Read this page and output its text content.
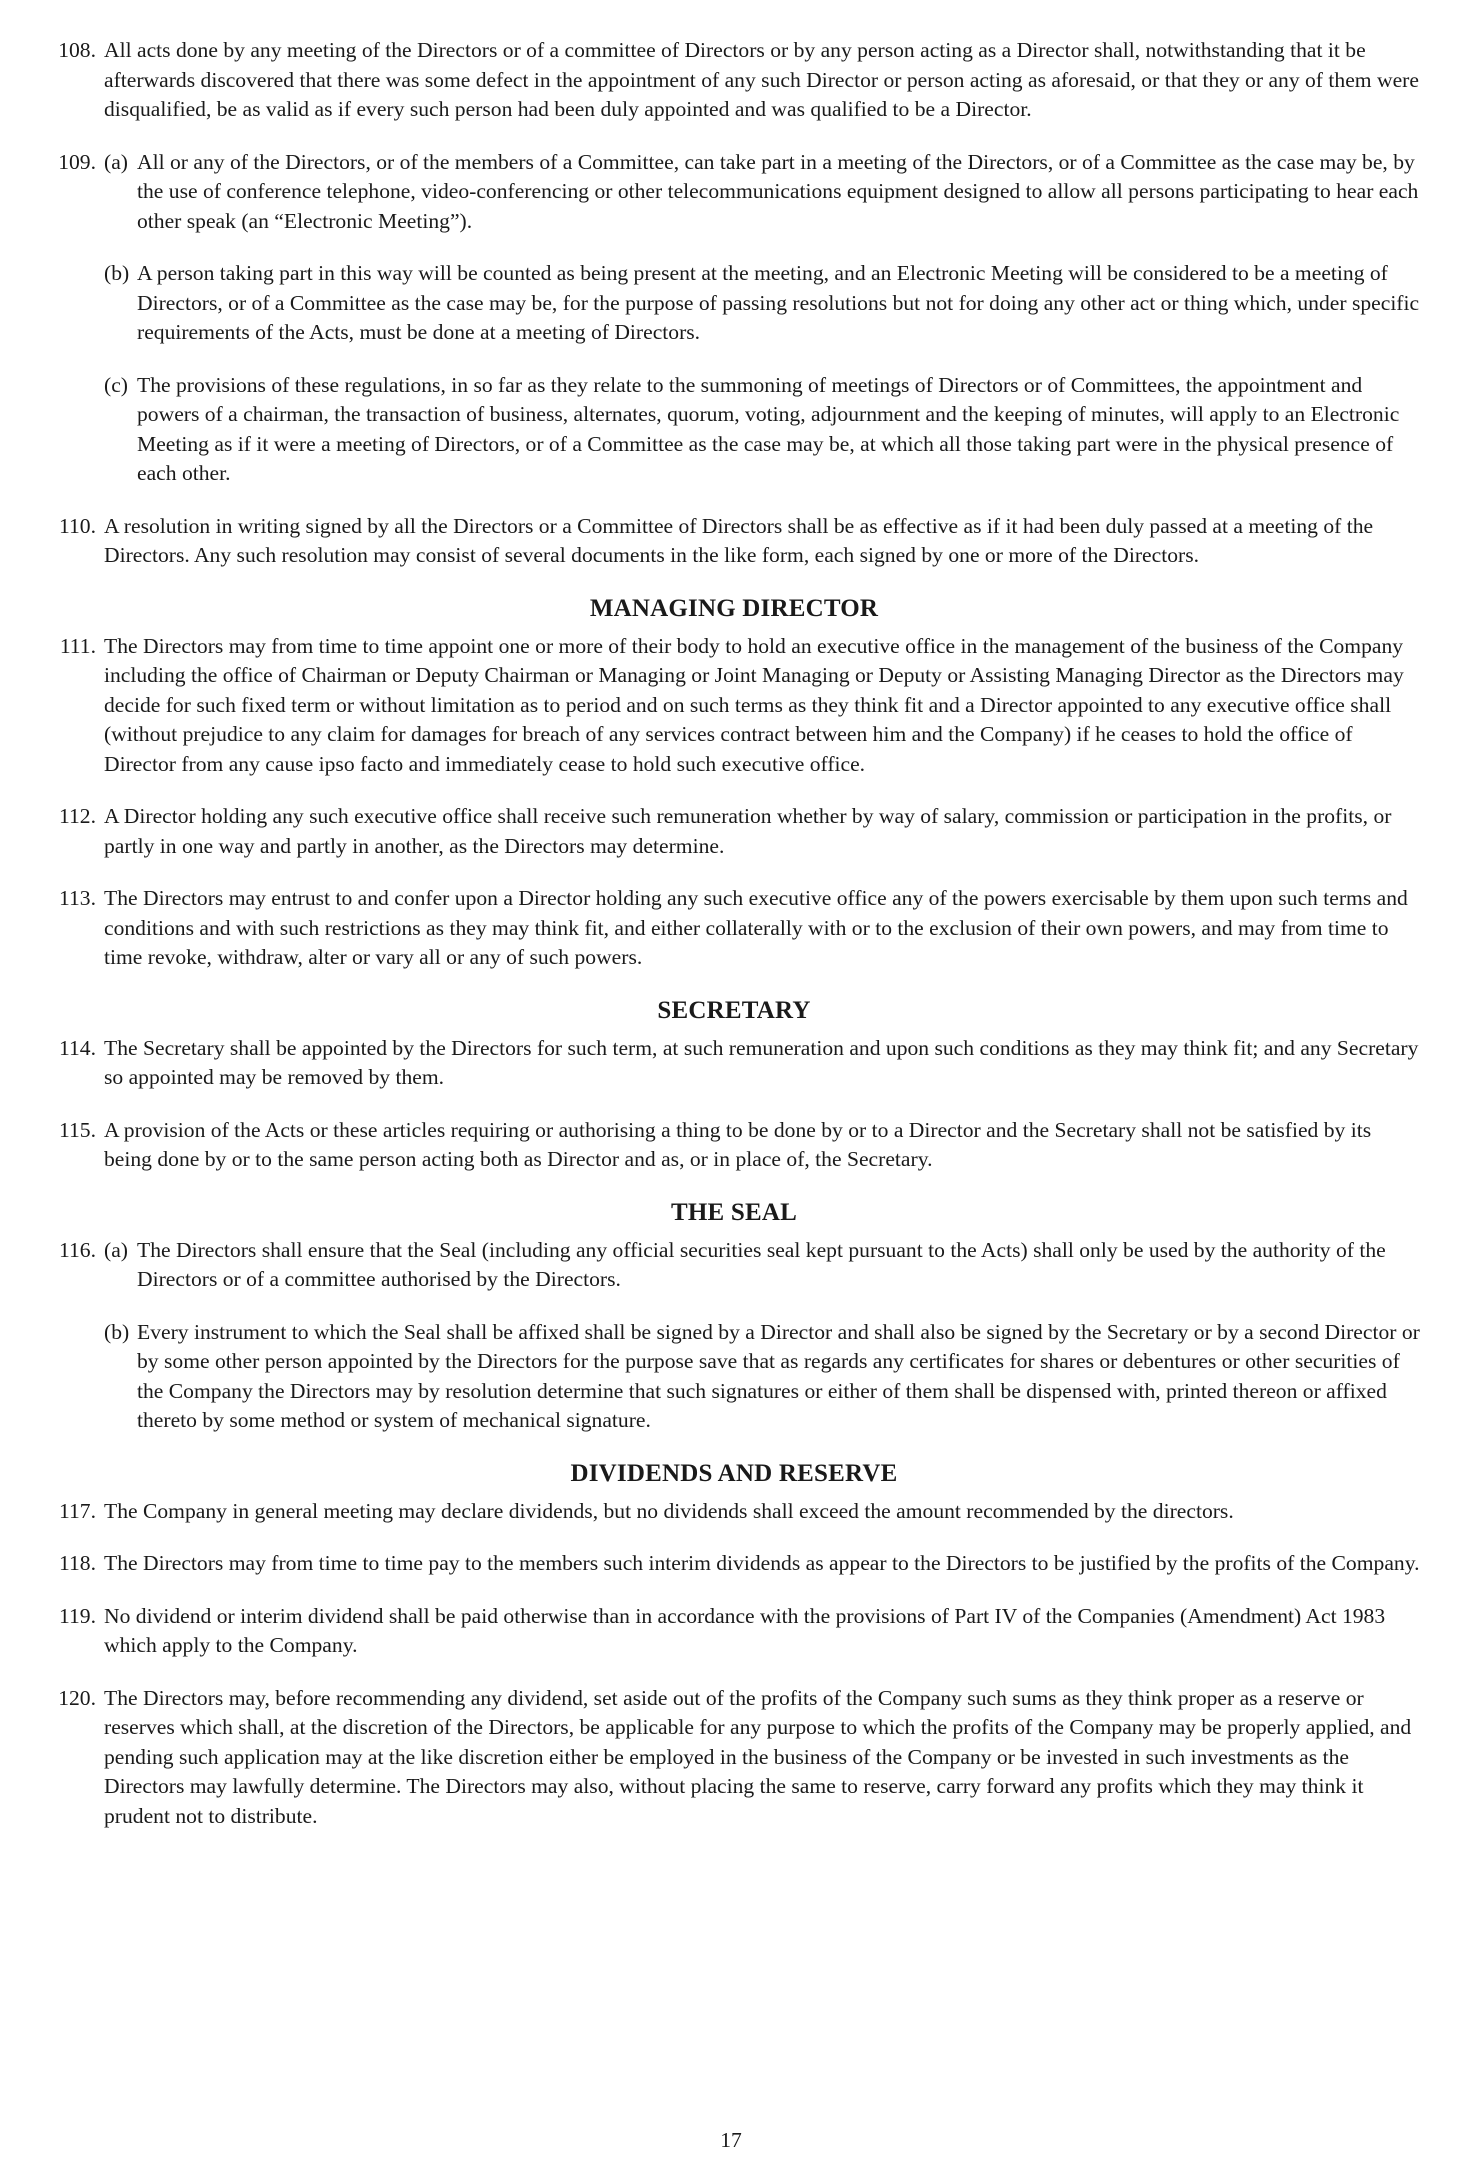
108. All acts done by any meeting of the Directors or of a committee of Directors or by any person acting as a Director shall, notwithstanding that it be afterwards discovered that there was some defect in the appointment of any such Director or person acting as aforesaid, or that they or any of them were disqualified, be as valid as if every such person had been duly appointed and was qualified to be a Director.
109. (a) All or any of the Directors, or of the members of a Committee, can take part in a meeting of the Directors, or of a Committee as the case may be, by the use of conference telephone, video-conferencing or other telecommunications equipment designed to allow all persons participating to hear each other speak (an “Electronic Meeting”).
(b) A person taking part in this way will be counted as being present at the meeting, and an Electronic Meeting will be considered to be a meeting of Directors, or of a Committee as the case may be, for the purpose of passing resolutions but not for doing any other act or thing which, under specific requirements of the Acts, must be done at a meeting of Directors.
(c) The provisions of these regulations, in so far as they relate to the summoning of meetings of Directors or of Committees, the appointment and powers of a chairman, the transaction of business, alternates, quorum, voting, adjournment and the keeping of minutes, will apply to an Electronic Meeting as if it were a meeting of Directors, or of a Committee as the case may be, at which all those taking part were in the physical presence of each other.
110. A resolution in writing signed by all the Directors or a Committee of Directors shall be as effective as if it had been duly passed at a meeting of the Directors. Any such resolution may consist of several documents in the like form, each signed by one or more of the Directors.
MANAGING DIRECTOR
111. The Directors may from time to time appoint one or more of their body to hold an executive office in the management of the business of the Company including the office of Chairman or Deputy Chairman or Managing or Joint Managing or Deputy or Assisting Managing Director as the Directors may decide for such fixed term or without limitation as to period and on such terms as they think fit and a Director appointed to any executive office shall (without prejudice to any claim for damages for breach of any services contract between him and the Company) if he ceases to hold the office of Director from any cause ipso facto and immediately cease to hold such executive office.
112. A Director holding any such executive office shall receive such remuneration whether by way of salary, commission or participation in the profits, or partly in one way and partly in another, as the Directors may determine.
113. The Directors may entrust to and confer upon a Director holding any such executive office any of the powers exercisable by them upon such terms and conditions and with such restrictions as they may think fit, and either collaterally with or to the exclusion of their own powers, and may from time to time revoke, withdraw, alter or vary all or any of such powers.
SECRETARY
114. The Secretary shall be appointed by the Directors for such term, at such remuneration and upon such conditions as they may think fit; and any Secretary so appointed may be removed by them.
115. A provision of the Acts or these articles requiring or authorising a thing to be done by or to a Director and the Secretary shall not be satisfied by its being done by or to the same person acting both as Director and as, or in place of, the Secretary.
THE SEAL
116. (a) The Directors shall ensure that the Seal (including any official securities seal kept pursuant to the Acts) shall only be used by the authority of the Directors or of a committee authorised by the Directors.
(b) Every instrument to which the Seal shall be affixed shall be signed by a Director and shall also be signed by the Secretary or by a second Director or by some other person appointed by the Directors for the purpose save that as regards any certificates for shares or debentures or other securities of the Company the Directors may by resolution determine that such signatures or either of them shall be dispensed with, printed thereon or affixed thereto by some method or system of mechanical signature.
DIVIDENDS AND RESERVE
117. The Company in general meeting may declare dividends, but no dividends shall exceed the amount recommended by the directors.
118. The Directors may from time to time pay to the members such interim dividends as appear to the Directors to be justified by the profits of the Company.
119. No dividend or interim dividend shall be paid otherwise than in accordance with the provisions of Part IV of the Companies (Amendment) Act 1983 which apply to the Company.
120. The Directors may, before recommending any dividend, set aside out of the profits of the Company such sums as they think proper as a reserve or reserves which shall, at the discretion of the Directors, be applicable for any purpose to which the profits of the Company may be properly applied, and pending such application may at the like discretion either be employed in the business of the Company or be invested in such investments as the Directors may lawfully determine. The Directors may also, without placing the same to reserve, carry forward any profits which they may think it prudent not to distribute.
17
